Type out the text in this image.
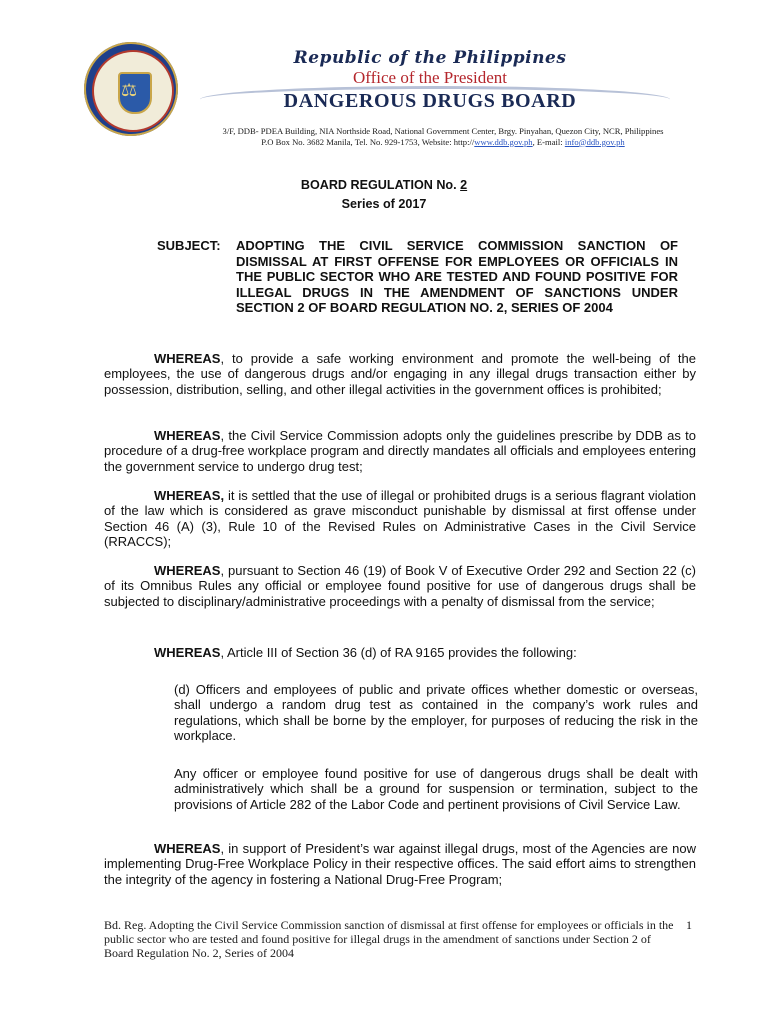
⚖
Republic of the Philippines
Office of the President
DANGEROUS DRUGS BOARD
3/F, DDB- PDEA Building, NIA Northside Road, National Government Center, Brgy. Pinyahan, Quezon City, NCR, Philippines
P.O Box No. 3682 Manila, Tel. No. 929-1753, Website: http://www.ddb.gov.ph, E-mail: info@ddb.gov.ph
BOARD REGULATION No. 2
Series of 2017
SUBJECT: ADOPTING THE CIVIL SERVICE COMMISSION SANCTION OF DISMISSAL AT FIRST OFFENSE FOR EMPLOYEES OR OFFICIALS IN THE PUBLIC SECTOR WHO ARE TESTED AND FOUND POSITIVE FOR ILLEGAL DRUGS IN THE AMENDMENT OF SANCTIONS UNDER SECTION 2 OF BOARD REGULATION NO. 2, SERIES OF 2004
WHEREAS, to provide a safe working environment and promote the well-being of the employees, the use of dangerous drugs and/or engaging in any illegal drugs transaction either by possession, distribution, selling, and other illegal activities in the government offices is prohibited;
WHEREAS, the Civil Service Commission adopts only the guidelines prescribe by DDB as to procedure of a drug-free workplace program and directly mandates all officials and employees entering the government service to undergo drug test;
WHEREAS, it is settled that the use of illegal or prohibited drugs is a serious flagrant violation of the law which is considered as grave misconduct punishable by dismissal at first offense under Section 46 (A) (3), Rule 10 of the Revised Rules on Administrative Cases in the Civil Service (RRACCS);
WHEREAS, pursuant to Section 46 (19) of Book V of Executive Order 292 and Section 22 (c) of its Omnibus Rules any official or employee found positive for use of dangerous drugs shall be subjected to disciplinary/administrative proceedings with a penalty of dismissal from the service;
WHEREAS, Article III of Section 36 (d) of RA 9165 provides the following:
(d) Officers and employees of public and private offices whether domestic or overseas, shall undergo a random drug test as contained in the company’s work rules and regulations, which shall be borne by the employer, for purposes of reducing the risk in the workplace.
Any officer or employee found positive for use of dangerous drugs shall be dealt with administratively which shall be a ground for suspension or termination, subject to the provisions of Article 282 of the Labor Code and pertinent provisions of Civil Service Law.
WHEREAS, in support of President’s war against illegal drugs, most of the Agencies are now implementing Drug-Free Workplace Policy in their respective offices. The said effort aims to strengthen the integrity of the agency in fostering a National Drug-Free Program;
Bd. Reg. Adopting the Civil Service Commission sanction of dismissal at first offense for employees or officials in the public sector who are tested and found positive for illegal drugs in the amendment of sanctions under Section 2 of Board Regulation No. 2, Series of 2004
1
